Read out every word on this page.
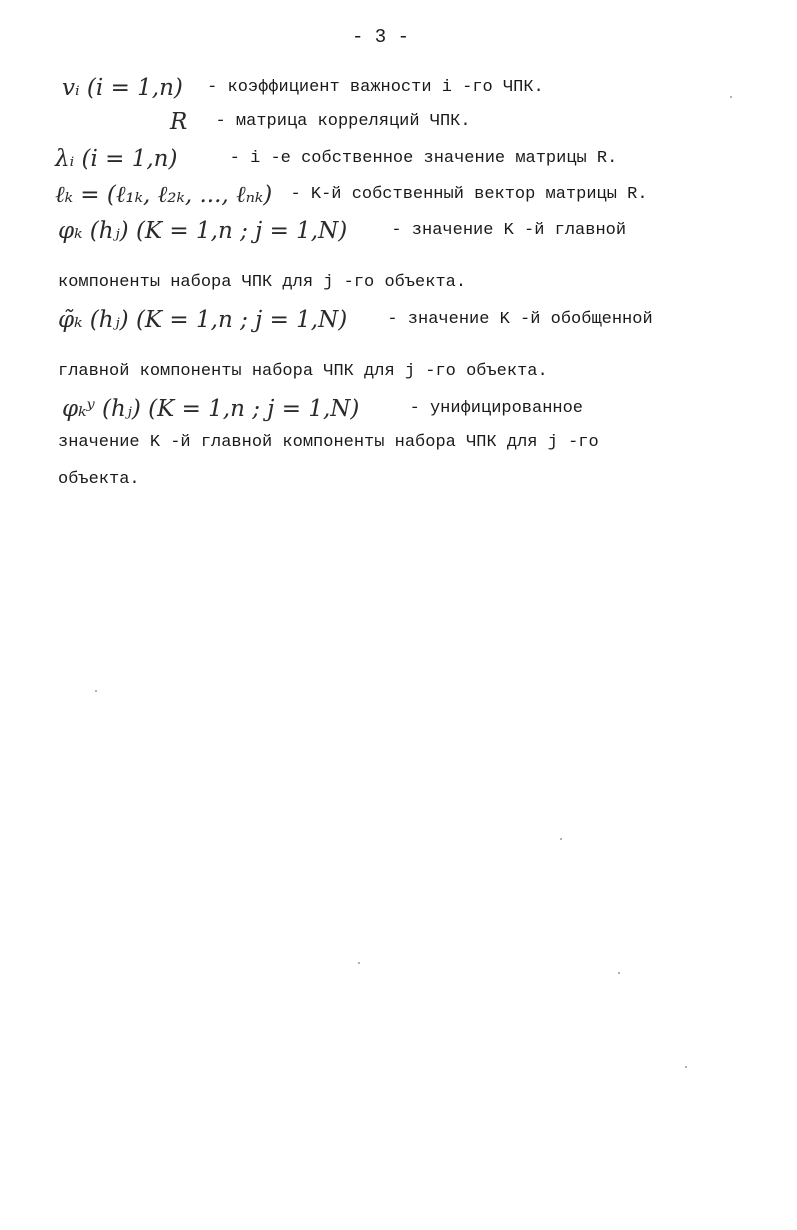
- 3 -
vᵢ (i = 1,n) - коэффициент важности i -го ЧПК.
R - матрица корреляций ЧПК.
λᵢ (i = 1,n)	- i -е собственное значение матрицы R.
ℓₖ = (ℓ₁ₖ, ℓ₂ₖ, ..., ℓₙₖ) - K-й собственный вектор матрицы R.
φₖ (hⱼ) (K = 1,n ; j = 1,N)	- значение K -й главной
компоненты набора ЧПК для j -го объекта.
φ̃ₖ (hⱼ) (K = 1,n ; j = 1,N) - значение K -й обобщенной
главной компоненты набора ЧПК для j -го объекта.
φₖʸ (hⱼ) (K = 1,n ; j = 1,N)	- унифицированное
значение K -й главной компоненты набора ЧПК для j -го
объекта.
